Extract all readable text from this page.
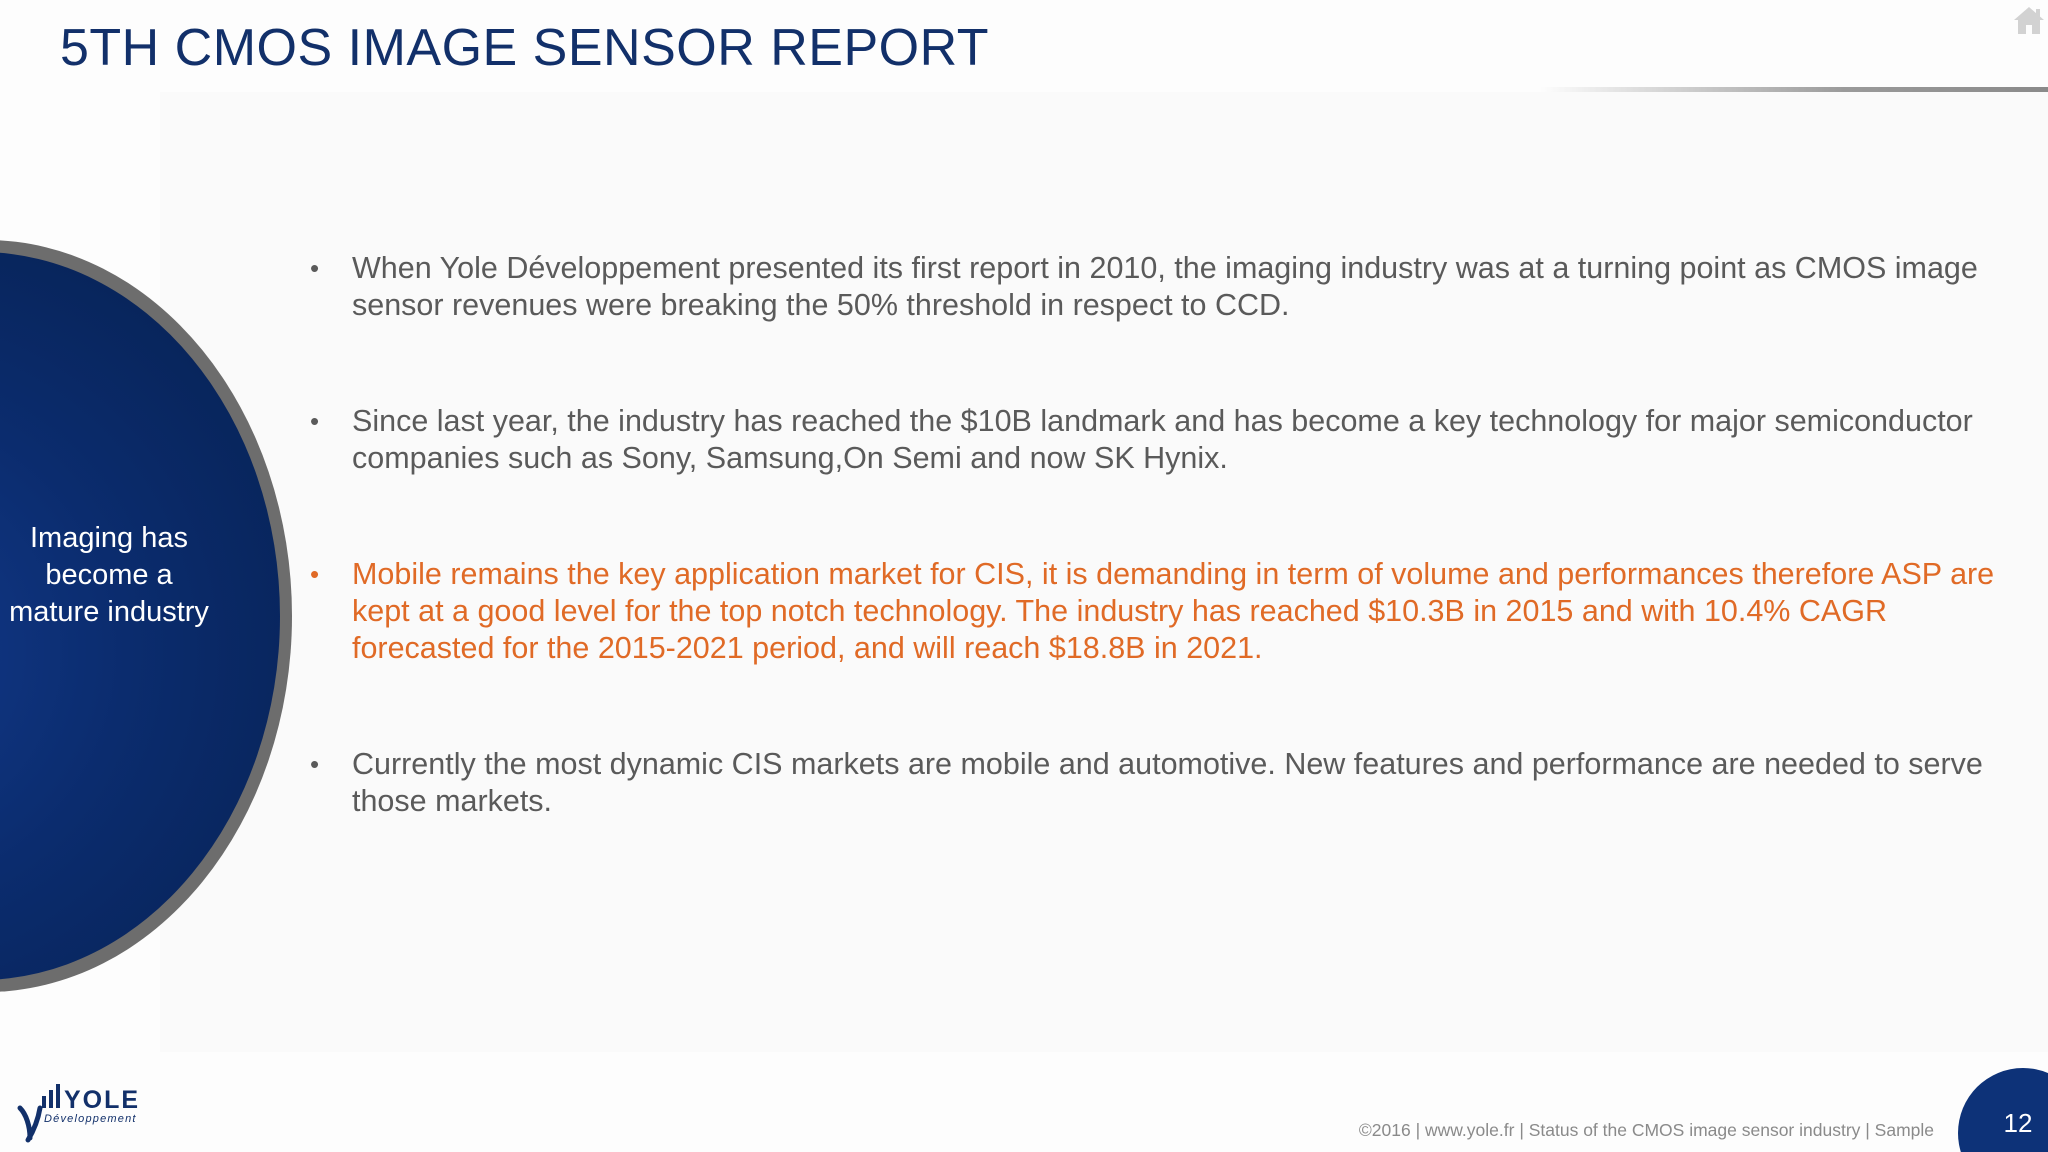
5TH CMOS IMAGE SENSOR REPORT
Imaging has become a mature industry
• When Yole Développement presented its first report in 2010, the imaging industry was at a turning point as CMOS image sensor revenues were breaking the 50% threshold in respect to CCD.
• Since last year, the industry has reached the $10B landmark and has become a key technology for major semiconductor companies such as Sony, Samsung,On Semi and now SK Hynix.
• Mobile remains the key application market for CIS, it is demanding in term of volume and performances therefore ASP are kept at a good level for the top notch technology. The industry has reached $10.3B in 2015 and with 10.4% CAGR forecasted for the 2015-2021 period, and will reach $18.8B in 2021.
• Currently the most dynamic CIS markets are mobile and automotive. New features and performance are needed to serve those markets.
YOLE
Développement
©2016 | www.yole.fr | Status of the CMOS image sensor industry | Sample	12
